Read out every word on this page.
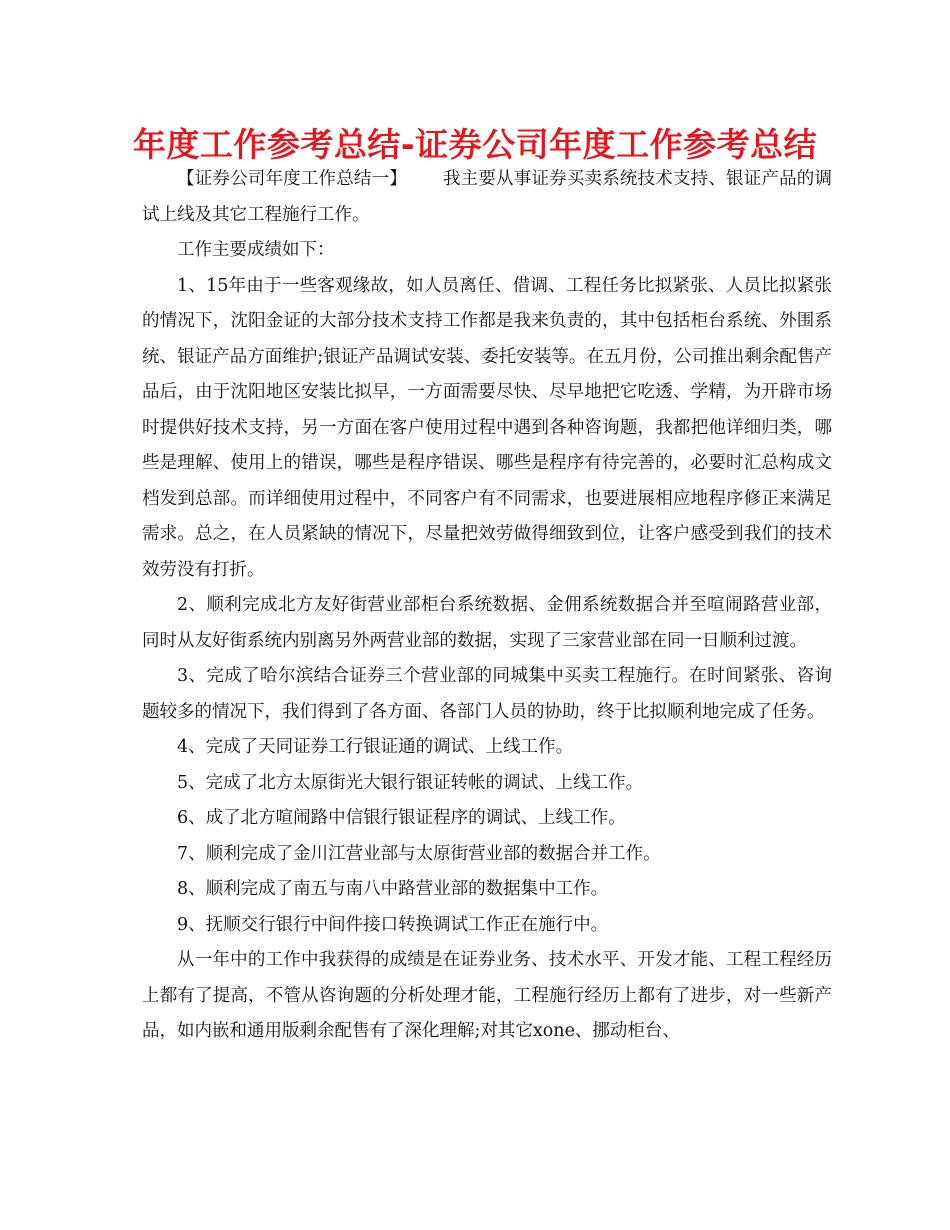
年度工作参考总结-证券公司年度工作参考总结

【证券公司年度工作总结一】 我主要从事证券买卖系统技术支持、银证产品的调试上线及其它工程施行工作。

工作主要成绩如下：

1、15年由于一些客观缘故，如人员离任、借调、工程任务比拟紧张、人员比拟紧张的情况下，沈阳金证的大部分技术支持工作都是我来负责的，其中包括柜台系统、外围系统、银证产品方面维护;银证产品调试安装、委托安装等。在五月份，公司推出剩余配售产品后，由于沈阳地区安装比拟早，一方面需要尽快、尽早地把它吃透、学精，为开辟市场时提供好技术支持，另一方面在客户使用过程中遇到各种咨询题，我都把他详细归类，哪些是理解、使用上的错误，哪些是程序错误、哪些是程序有待完善的，必要时汇总构成文档发到总部。而详细使用过程中，不同客户有不同需求，也要进展相应地程序修正来满足需求。总之，在人员紧缺的情况下，尽量把效劳做得细致到位，让客户感受到我们的技术效劳没有打折。

2、顺利完成北方友好街营业部柜台系统数据、金佣系统数据合并至喧闹路营业部，同时从友好街系统内别离另外两营业部的数据，实现了三家营业部在同一日顺利过渡。

3、完成了哈尔滨结合证券三个营业部的同城集中买卖工程施行。在时间紧张、咨询题较多的情况下，我们得到了各方面、各部门人员的协助，终于比拟顺利地完成了任务。

4、完成了天同证券工行银证通的调试、上线工作。

5、完成了北方太原街光大银行银证转帐的调试、上线工作。

6、成了北方喧闹路中信银行银证程序的调试、上线工作。

7、顺利完成了金川江营业部与太原街营业部的数据合并工作。

8、顺利完成了南五与南八中路营业部的数据集中工作。

9、抚顺交行银行中间件接口转换调试工作正在施行中。

从一年中的工作中我获得的成绩是在证券业务、技术水平、开发才能、工程工程经历上都有了提高，不管从咨询题的分析处理才能，工程施行经历上都有了进步，对一些新产品，如内嵌和通用版剩余配售有了深化理解;对其它xone、挪动柜台、
